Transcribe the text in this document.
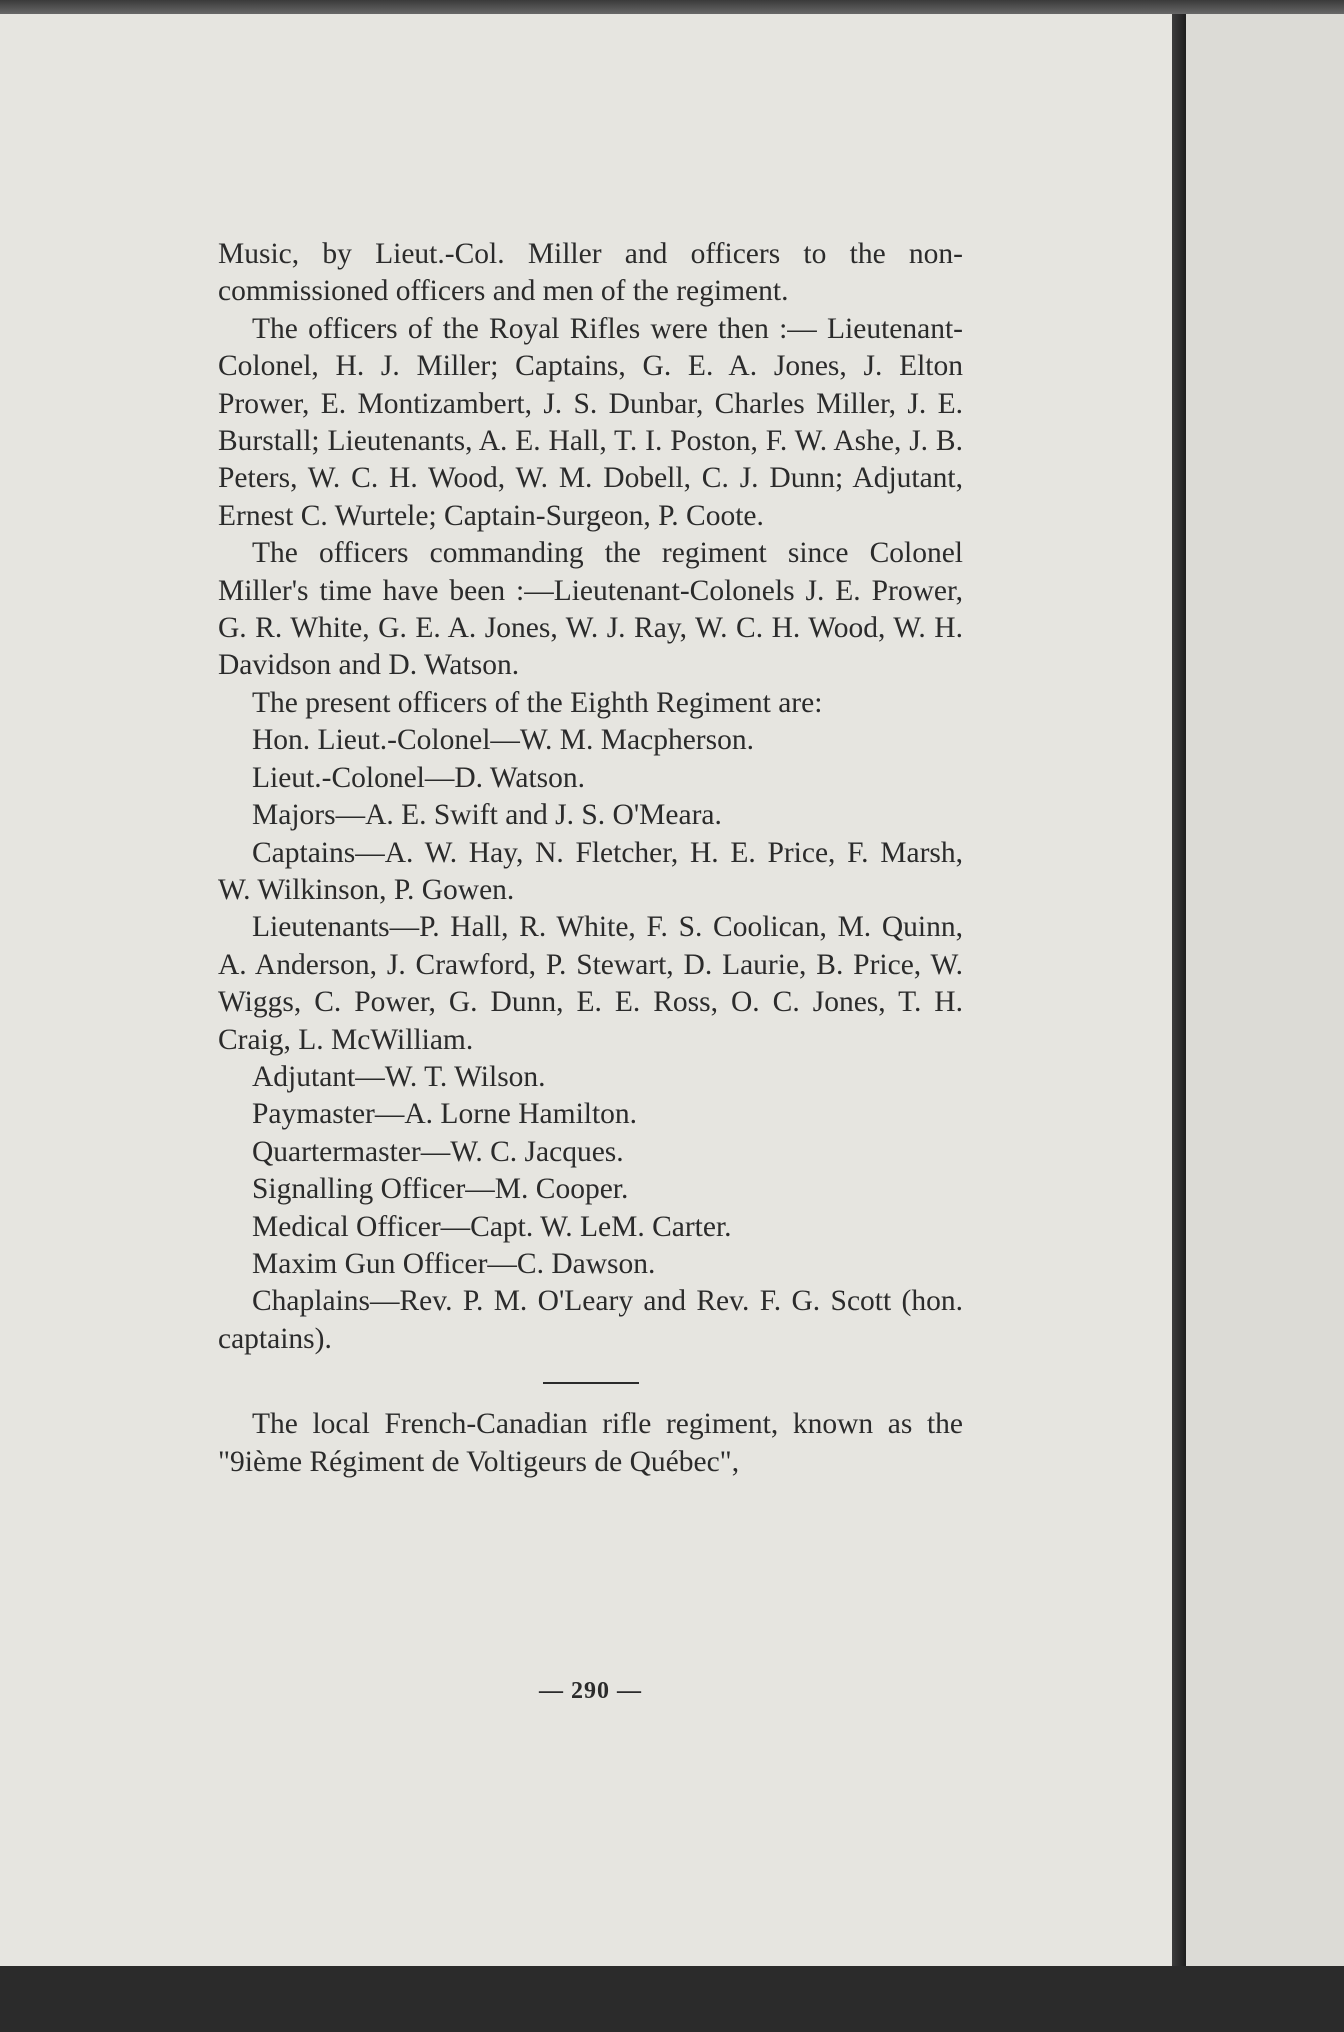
Music, by Lieut.-Col. Miller and officers to the non-commissioned officers and men of the regiment.

The officers of the Royal Rifles were then :— Lieutenant-Colonel, H. J. Miller; Captains, G. E. A. Jones, J. Elton Prower, E. Montizambert, J. S. Dunbar, Charles Miller, J. E. Burstall; Lieutenants, A. E. Hall, T. I. Poston, F. W. Ashe, J. B. Peters, W. C. H. Wood, W. M. Dobell, C. J. Dunn; Adjutant, Ernest C. Wurtele; Captain-Surgeon, P. Coote.

The officers commanding the regiment since Colonel Miller's time have been :—Lieutenant-Colonels J. E. Prower, G. R. White, G. E. A. Jones, W. J. Ray, W. C. H. Wood, W. H. Davidson and D. Watson.

The present officers of the Eighth Regiment are:

Hon. Lieut.-Colonel—W. M. Macpherson.

Lieut.-Colonel—D. Watson.

Majors—A. E. Swift and J. S. O'Meara.

Captains—A. W. Hay, N. Fletcher, H. E. Price, F. Marsh, W. Wilkinson, P. Gowen.

Lieutenants—P. Hall, R. White, F. S. Coolican, M. Quinn, A. Anderson, J. Crawford, P. Stewart, D. Laurie, B. Price, W. Wiggs, C. Power, G. Dunn, E. E. Ross, O. C. Jones, T. H. Craig, L. McWilliam.

Adjutant—W. T. Wilson.

Paymaster—A. Lorne Hamilton.

Quartermaster—W. C. Jacques.

Signalling Officer—M. Cooper.

Medical Officer—Capt. W. LeM. Carter.

Maxim Gun Officer—C. Dawson.

Chaplains—Rev. P. M. O'Leary and Rev. F. G. Scott (hon. captains).

The local French-Canadian rifle regiment, known as the "9ième Régiment de Voltigeurs de Québec",

— 290 —
